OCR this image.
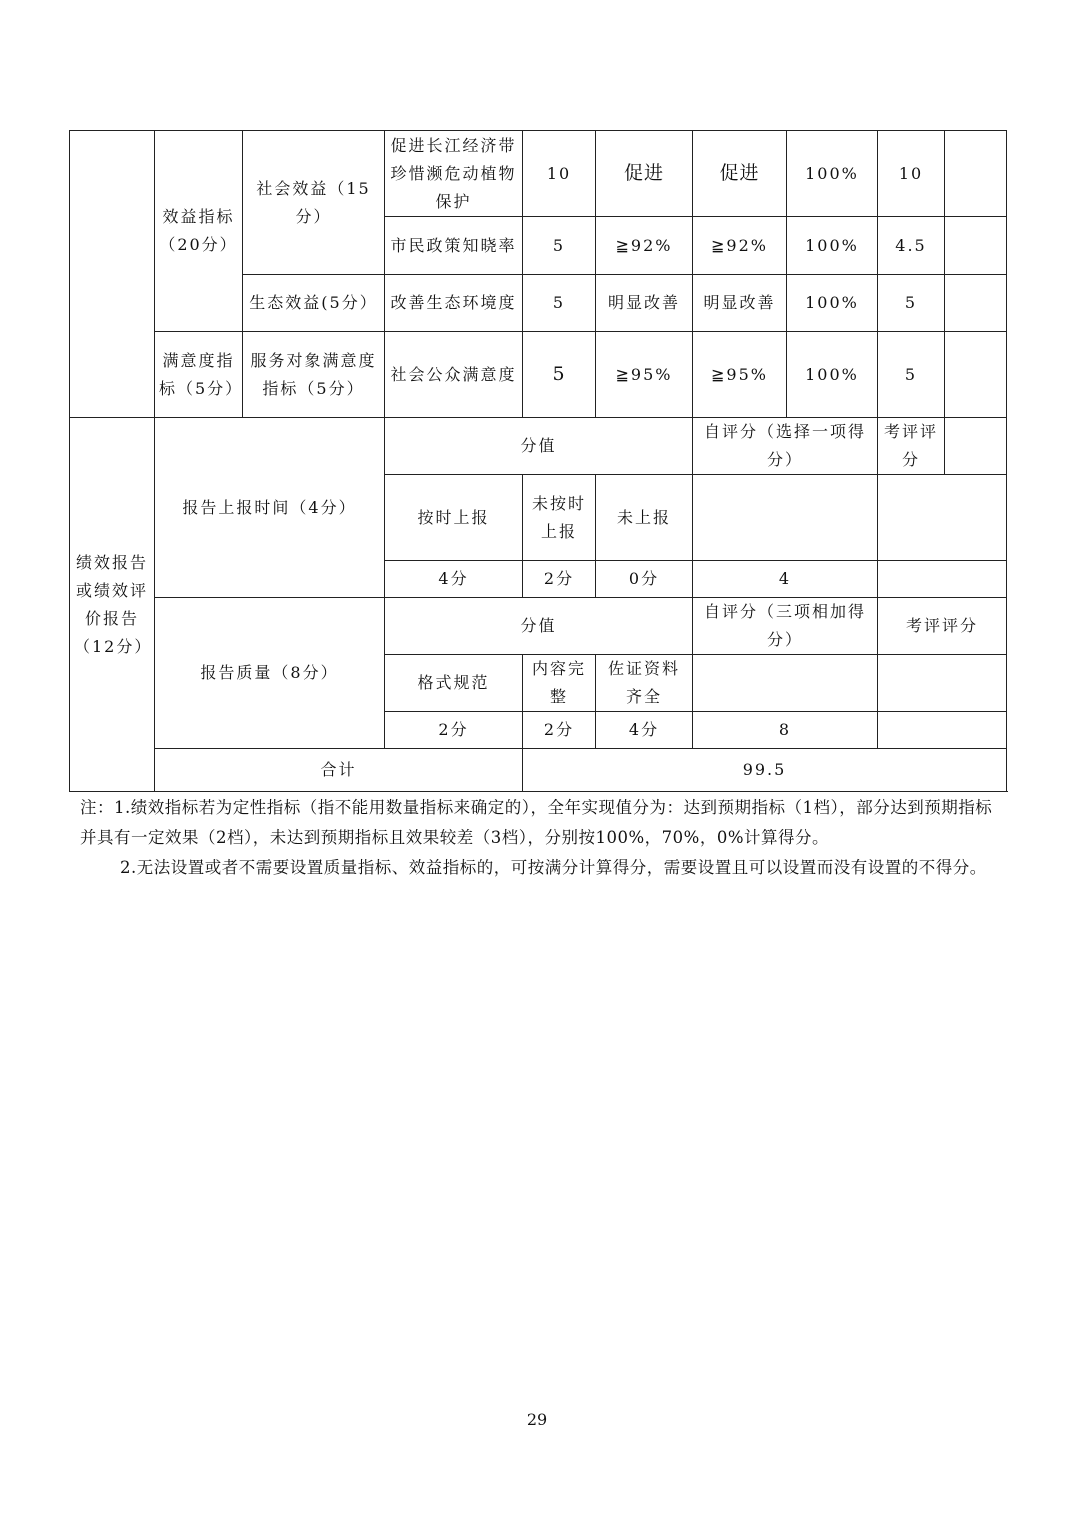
	效益指标（20分）	社会效益（15分）	促进长江经济带珍惜濒危动植物保护	10	促进	促进	100%	10	
			市民政策知晓率	5	≧92%	≧92%	100%	4.5	
		生态效益(5分）	改善生态环境度	5	明显改善	明显改善	100%	5	
	满意度指标（5分）	服务对象满意度指标（5分）	社会公众满意度	5	≧95%	≧95%	100%	5	
绩效报告或绩效评价报告（12分）	报告上报时间（4分）		分值			自评分（选择一项得分）		考评评分	
			按时上报	未按时上报	未上报				
			4分	2分	0分	4			
	报告质量（8分）		分值			自评分（三项相加得分）		考评评分	
			格式规范	内容完整	佐证资料齐全				
			2分	2分	4分	8			
	合计			99.5					

注：1.绩效指标若为定性指标（指不能用数量指标来确定的），全年实现值分为：达到预期指标（1档），部分达到预期指标并具有一定效果（2档），未达到预期指标且效果较差（3档），分别按100%，70%，0%计算得分。

2.无法设置或者不需要设置质量指标、效益指标的，可按满分计算得分，需要设置且可以设置而没有设置的不得分。

29
